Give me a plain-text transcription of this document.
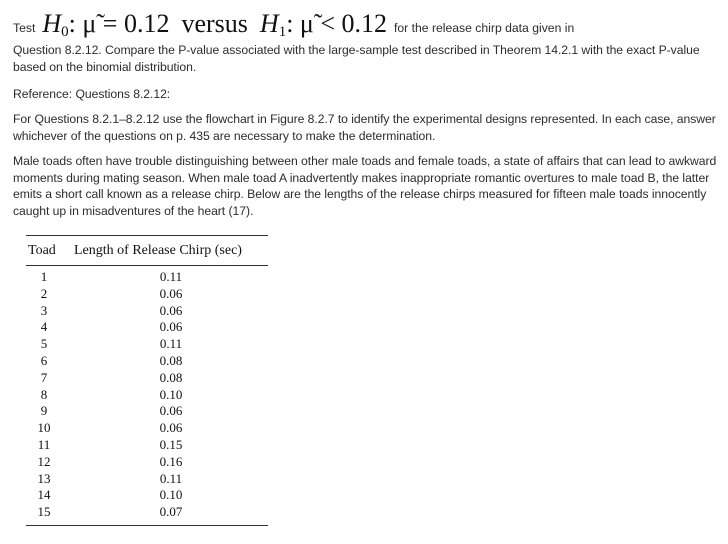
Test $H_0$: μ̃ = 0.12 versus $H_1$: μ̃ < 0.12 for the release chirp data given in
Question 8.2.12. Compare the P-value associated with the large-sample test described in Theorem 14.2.1 with the exact P-value based on the binomial distribution.
Reference: Questions 8.2.12:
For Questions 8.2.1–8.2.12 use the flowchart in Figure 8.2.7 to identify the experimental designs represented. In each case, answer whichever of the questions on p. 435 are necessary to make the determination.
Male toads often have trouble distinguishing between other male toads and female toads, a state of affairs that can lead to awkward moments during mating season. When male toad A inadvertently makes inappropriate romantic overtures to male toad B, the latter emits a short call known as a release chirp. Below are the lengths of the release chirps measured for fifteen male toads innocently caught up in misadventures of the heart (17).
Toad	Length of Release Chirp (sec)
1	0.11
2	0.06
3	0.06
4	0.06
5	0.11
6	0.08
7	0.08
8	0.10
9	0.06
10	0.06
11	0.15
12	0.16
13	0.11
14	0.10
15	0.07
